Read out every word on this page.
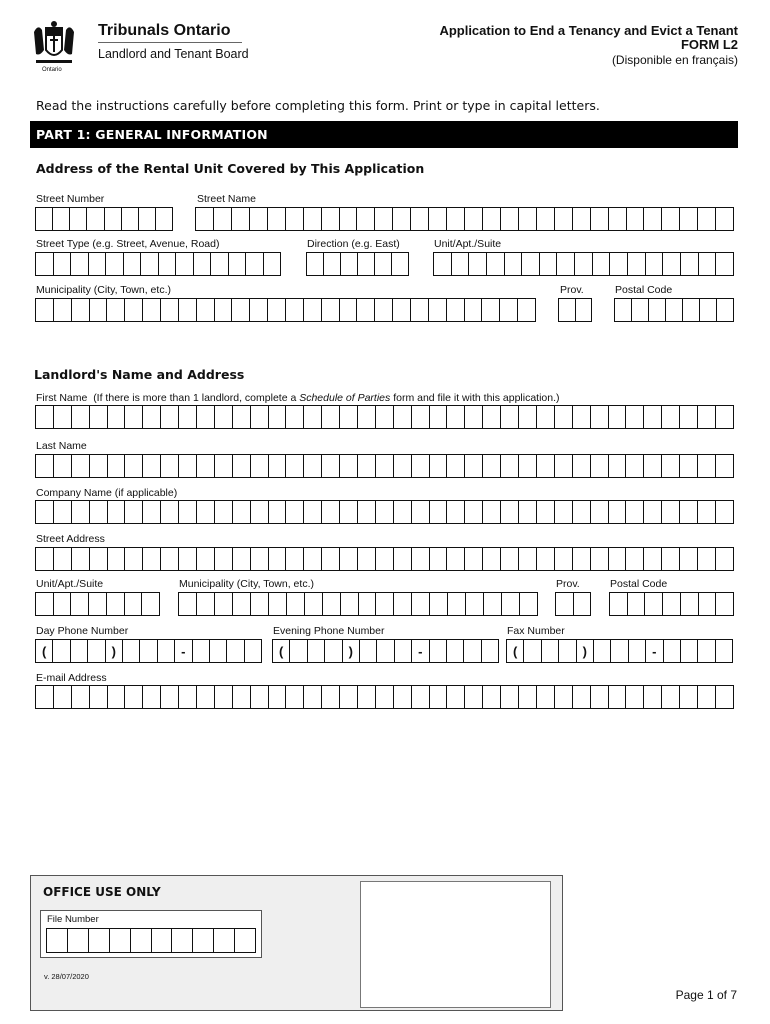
Ontario
Tribunals Ontario
Landlord and Tenant Board
Application to End a Tenancy and Evict a Tenant
FORM L2
(Disponible en français)
Read the instructions carefully before completing this form. Print or type in capital letters.
PART 1: GENERAL INFORMATION
Address of the Rental Unit Covered by This Application
Street Number	Street Name
Street Type (e.g. Street, Avenue, Road)	Direction (e.g. East)	Unit/Apt./Suite
Municipality (City, Town, etc.)	Prov.	Postal Code
Landlord's Name and Address
First Name (If there is more than 1 landlord, complete a Schedule of Parties form and file it with this application.)
Last Name
Company Name (if applicable)
Street Address
Unit/Apt./Suite	Municipality (City, Town, etc.)	Prov.	Postal Code
Day Phone Number	Evening Phone Number	Fax Number
(	)	-	(	)	-	(	)	-
E-mail Address
OFFICE USE ONLY
File Number
v. 28/07/2020
Page 1 of 7
